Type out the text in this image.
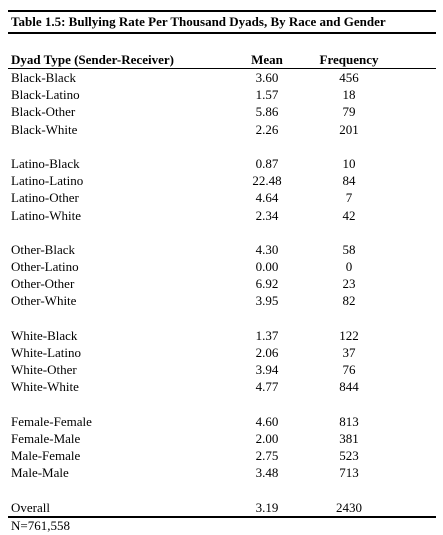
Table 1.5: Bullying Rate Per Thousand Dyads, By Race and Gender
Dyad Type (Sender-Receiver)	Mean	Frequency
Black-Black	3.60	456
Black-Latino	1.57	18
Black-Other	5.86	79
Black-White	2.26	201
Latino-Black	0.87	10
Latino-Latino	22.48	84
Latino-Other	4.64	7
Latino-White	2.34	42
Other-Black	4.30	58
Other-Latino	0.00	0
Other-Other	6.92	23
Other-White	3.95	82
White-Black	1.37	122
White-Latino	2.06	37
White-Other	3.94	76
White-White	4.77	844
Female-Female	4.60	813
Female-Male	2.00	381
Male-Female	2.75	523
Male-Male	3.48	713
Overall	3.19	2430
N=761,558
